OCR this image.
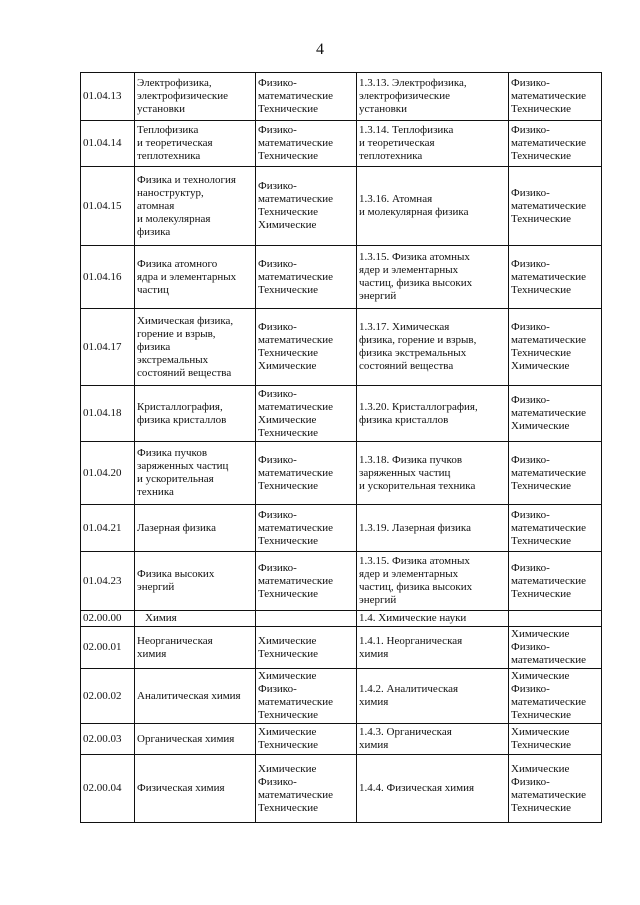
4
01.04.13	Электрофизика,
электрофизические
установки	Физико-
математические
Технические	1.3.13. Электрофизика,
электрофизические
установки	Физико-
математические
Технические

01.04.14	Теплофизика
и теоретическая
теплотехника	Физико-
математические
Технические	1.3.14. Теплофизика
и теоретическая
теплотехника	Физико-
математические
Технические

01.04.15	Физика и технология
наноструктур,
атомная
и молекулярная
физика	Физико-
математические
Технические
Химические	1.3.16. Атомная
и молекулярная физика	Физико-
математические
Технические

01.04.16	Физика атомного
ядра и элементарных
частиц	Физико-
математические
Технические	1.3.15. Физика атомных
ядер и элементарных
частиц, физика высоких
энергий	Физико-
математические
Технические

01.04.17	Химическая физика,
горение и взрыв,
физика
экстремальных
состояний вещества	Физико-
математические
Технические
Химические	1.3.17. Химическая
физика, горение и взрыв,
физика экстремальных
состояний вещества	Физико-
математические
Технические
Химические

01.04.18	Кристаллография,
физика кристаллов	Физико-
математические
Химические
Технические	1.3.20. Кристаллография,
физика кристаллов	Физико-
математические
Химические

01.04.20	Физика пучков
заряженных частиц
и ускорительная
техника	Физико-
математические
Технические	1.3.18. Физика пучков
заряженных частиц
и ускорительная техника	Физико-
математические
Технические

01.04.21	Лазерная физика	Физико-
математические
Технические	1.3.19. Лазерная физика	Физико-
математические
Технические

01.04.23	Физика высоких
энергий	Физико-
математические
Технические	1.3.15. Физика атомных
ядер и элементарных
частиц, физика высоких
энергий	Физико-
математические
Технические

02.00.00	Химия		1.4. Химические науки	

02.00.01	Неорганическая
химия	Химические
Технические	1.4.1. Неорганическая
химия	Химические
Физико-
математические

02.00.02	Аналитическая химия	Химические
Физико-
математические
Технические	1.4.2. Аналитическая
химия	Химические
Физико-
математические
Технические

02.00.03	Органическая химия	Химические
Технические	1.4.3. Органическая
химия	Химические
Технические

02.00.04	Физическая химия	Химические
Физико-
математические
Технические	1.4.4. Физическая химия	Химические
Физико-
математические
Технические
